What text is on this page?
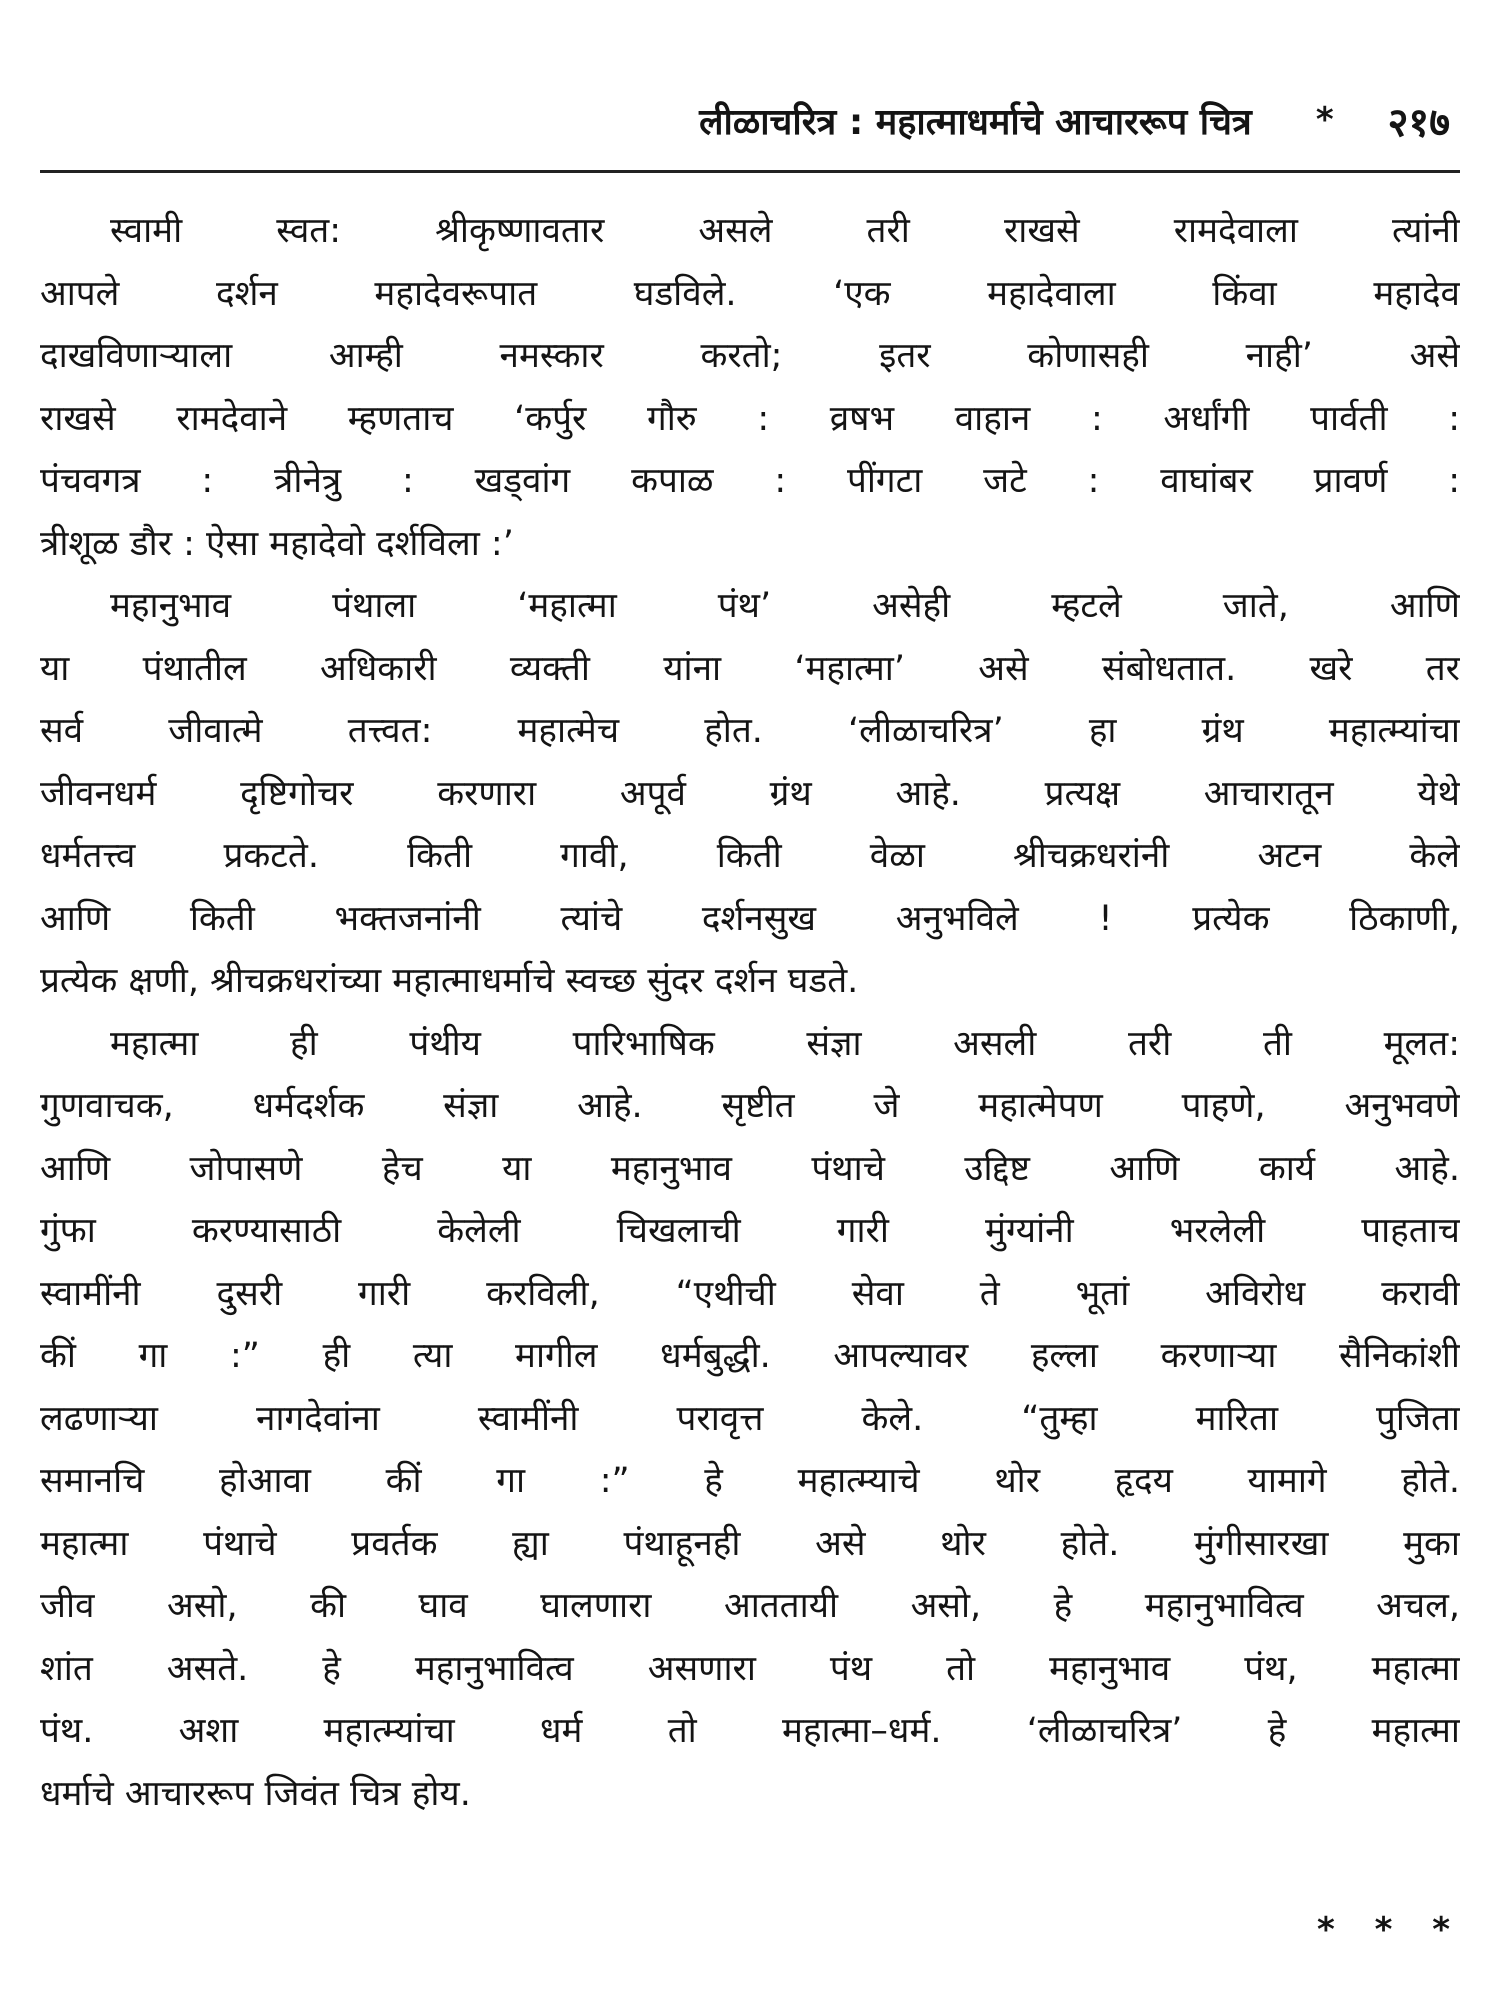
लीळाचरित्र : महात्माधर्माचे आचाररूप चित्र * २१७
स्वामी स्वत: श्रीकृष्णावतार असले तरी राखसे रामदेवाला त्यांनी
आपले दर्शन महादेवरूपात घडविले. ‘एक महादेवाला किंवा महादेव
दाखविणाऱ्याला आम्ही नमस्कार करतो; इतर कोणासही नाही’ असे
राखसे रामदेवाने म्हणताच ‘कर्पुर गौरु : व्रषभ वाहान : अर्धांगी पार्वती :
पंचवगत्र : त्रीनेत्रु : खड्वांग कपाळ : पींगटा जटे : वाघांबर प्रावर्ण :
त्रीशूळ डौर : ऐसा महादेवो दर्शविला :’
महानुभाव पंथाला ‘महात्मा पंथ’ असेही म्हटले जाते, आणि
या पंथातील अधिकारी व्यक्ती यांना ‘महात्मा’ असे संबोधतात. खरे तर
सर्व जीवात्मे तत्त्वत: महात्मेच होत. ‘लीळाचरित्र’ हा ग्रंथ महात्म्यांचा
जीवनधर्म दृष्टिगोचर करणारा अपूर्व ग्रंथ आहे. प्रत्यक्ष आचारातून येथे
धर्मतत्त्व प्रकटते. किती गावी, किती वेळा श्रीचक्रधरांनी अटन केले
आणि किती भक्तजनांनी त्यांचे दर्शनसुख अनुभविले ! प्रत्येक ठिकाणी,
प्रत्येक क्षणी, श्रीचक्रधरांच्या महात्माधर्माचे स्वच्छ सुंदर दर्शन घडते.
महात्मा ही पंथीय पारिभाषिक संज्ञा असली तरी ती मूलत:
गुणवाचक, धर्मदर्शक संज्ञा आहे. सृष्टीत जे महात्मेपण पाहणे, अनुभवणे
आणि जोपासणे हेच या महानुभाव पंथाचे उद्दिष्ट आणि कार्य आहे.
गुंफा करण्यासाठी केलेली चिखलाची गारी मुंग्यांनी भरलेली पाहताच
स्वामींनी दुसरी गारी करविली, “एथीची सेवा ते भूतां अविरोध करावी
कीं गा :” ही त्या मागील धर्मबुद्धी. आपल्यावर हल्ला करणाऱ्या सैनिकांशी
लढणाऱ्या नागदेवांना स्वामींनी परावृत्त केले. “तुम्हा मारिता पुजिता
समानचि होआवा कीं गा :” हे महात्म्याचे थोर हृदय यामागे होते.
महात्मा पंथाचे प्रवर्तक ह्या पंथाहूनही असे थोर होते. मुंगीसारखा मुका
जीव असो, की घाव घालणारा आततायी असो, हे महानुभावित्व अचल,
शांत असते. हे महानुभावित्व असणारा पंथ तो महानुभाव पंथ, महात्मा
पंथ. अशा महात्म्यांचा धर्म तो महात्मा–धर्म. ‘लीळाचरित्र’ हे महात्मा
धर्माचे आचाररूप जिवंत चित्र होय.
* * *
